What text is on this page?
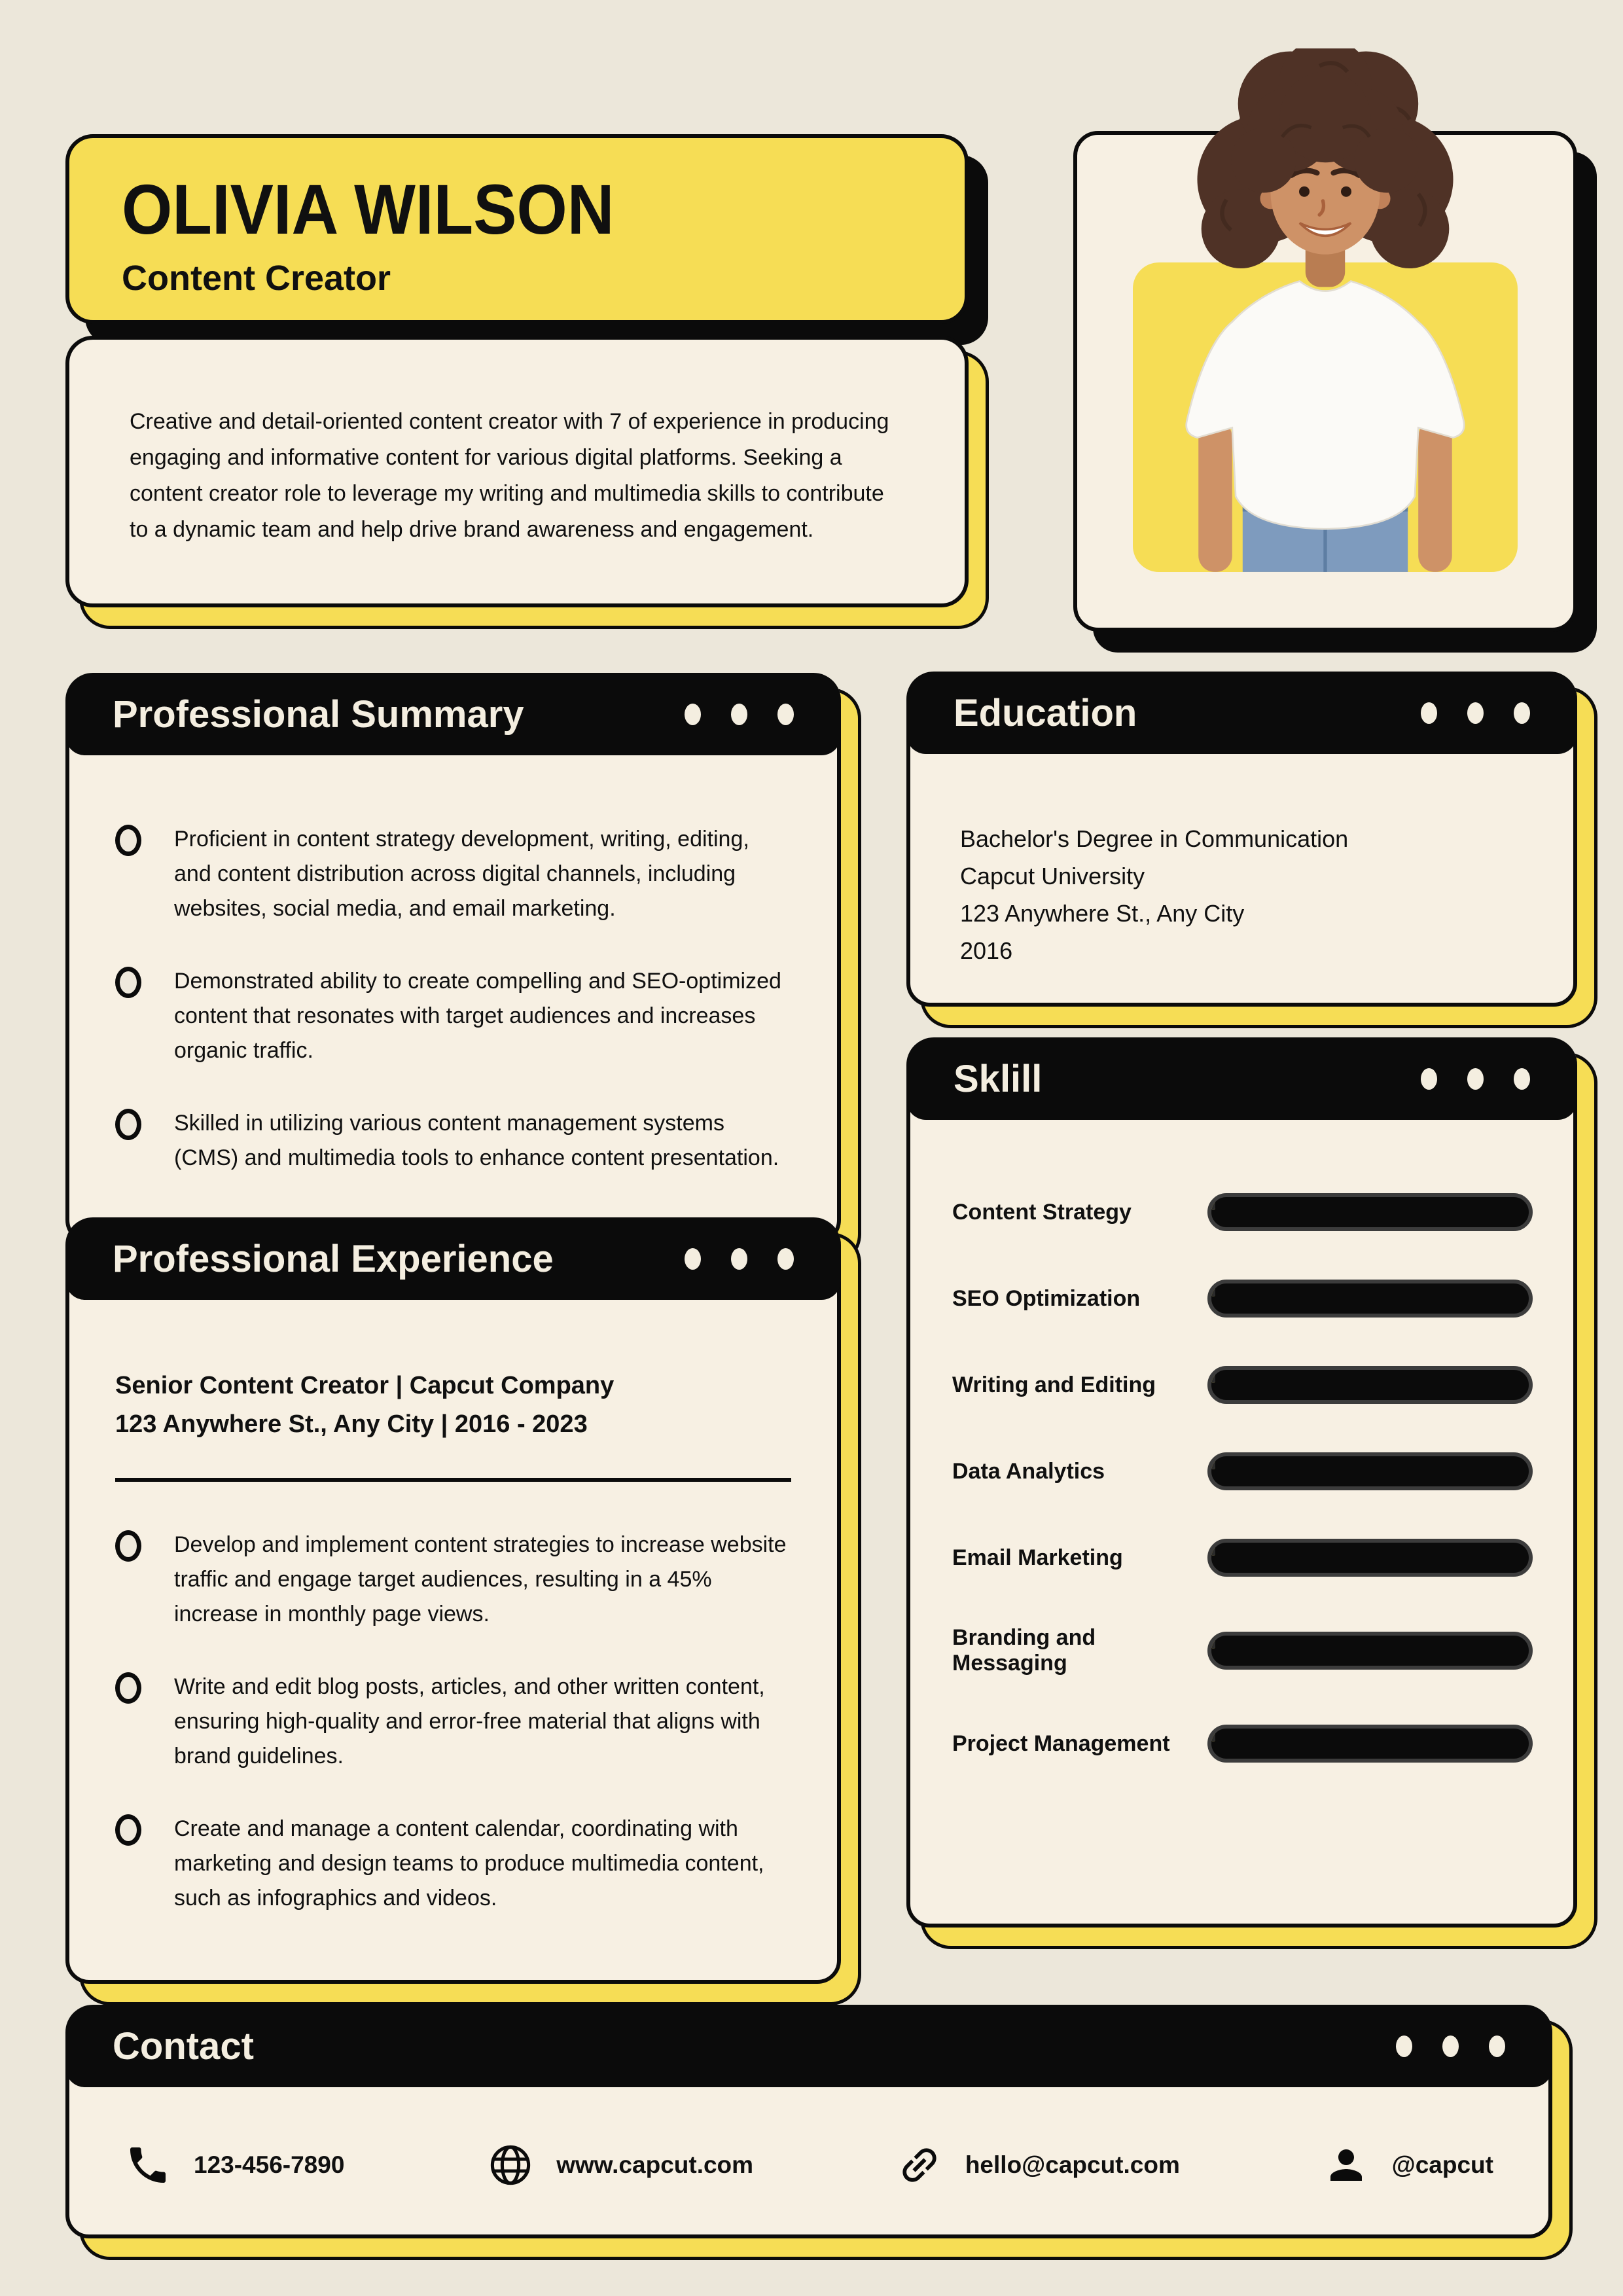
OLIVIA WILSON
Content Creator
Creative and detail-oriented content creator with 7 of experience in producing engaging and informative content for various digital platforms. Seeking a content creator role to leverage my writing and multimedia skills to contribute to a dynamic team and help drive brand awareness and engagement.
Professional Summary
Proficient in content strategy development, writing, editing, and content distribution across digital channels, including websites, social media, and email marketing.
Demonstrated ability to create compelling and SEO-optimized content that resonates with target audiences and increases organic traffic.
Skilled in utilizing various content management systems (CMS) and multimedia tools to enhance content presentation.
Education
Bachelor's Degree in Communication
Capcut University
123 Anywhere St., Any City
2016
Sklill
Content Strategy
SEO Optimization
Writing and Editing
Data Analytics
Email Marketing
Branding and Messaging
Project Management
Professional Experience
Senior Content Creator | Capcut Company
123 Anywhere St., Any City | 2016 - 2023
Develop and implement content strategies to increase website traffic and engage target audiences, resulting in a 45% increase in monthly page views.
Write and edit blog posts, articles, and other written content, ensuring high-quality and error-free material that aligns with brand guidelines.
Create and manage a content calendar, coordinating with marketing and design teams to produce multimedia content, such as infographics and videos.
Contact
123-456-7890	www.capcut.com	hello@capcut.com	@capcut
